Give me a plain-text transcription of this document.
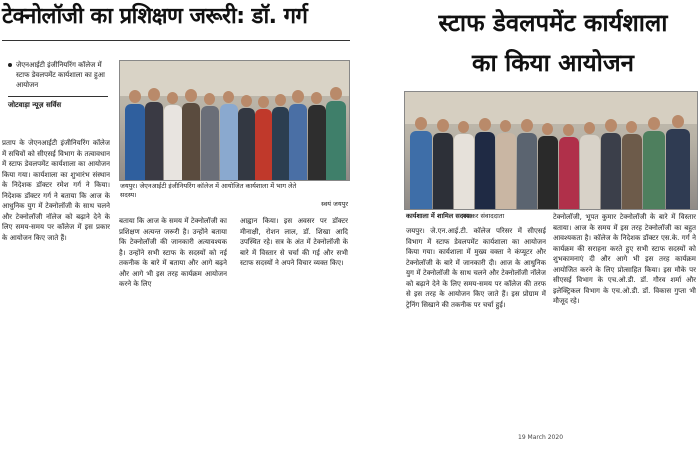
टेक्नोलॉजी का प्रशिक्षण जरूरी: डॉ. गर्ग
जेएनआईटी इंजीनियरिंग कॉलेज में स्टाफ डेवलपमेंट कार्यशाला का हुआ आयोजन
जोटवाड़ा न्यूज़ सर्विस
जयपुर। जेएनआईटी इंजीनियरिंग कॉलेज में आयोजित कार्यशाला में भाग लेते सदस्य।
स्वयं जयपुर
प्रताप के जेएनआईटी इंजीनियरिंग कॉलेज में सचिवों को सीएसई विभाग के तत्वावधान में स्टाफ डेवलपमेंट कार्यशाला का आयोजन किया गया। कार्यशाला का शुभारंभ संस्थान के निदेशक डॉक्टर रमेश गर्ग ने किया। निदेशक डॉक्टर गर्ग ने बताया कि आज के आधुनिक युग में टेक्नोलॉजी के साथ चलने और टेक्नोलॉजी नॉलेज को बढ़ाने देने के लिए समय-समय पर कॉलेज में इस प्रकार के आयोजन किए जाते हैं।
बताया कि आज के समय में टेक्नोलॉजी का प्रशिक्षण अत्यन्त जरूरी है। उन्होंने बताया कि टेक्नोलॉजी की जानकारी अत्यावश्यक है। उन्होंने सभी स्टाफ के सदस्यों को नई तकनीक के बारे में बताया और आगे बढ़ने और आगे भी इस तरह कार्यक्रम आयोजन करने के लिए
आह्वान किया। इस अवसर पर डॉक्टर मीनाक्षी, रोशन लाल, डॉ. शिखा आदि उपस्थित रहे। सत्र के अंत में टेक्नोलॉजी के बारे में विस्तार से चर्चा की गई और सभी स्टाफ सदस्यों ने अपने विचार व्यक्त किए।
स्टाफ डेवलपमेंट कार्यशाला
का किया आयोजन
कार्यशाला में शामिल सदस्य।
भास्कर संवाददाता
जयपुर। जे.एन.आई.टी. कॉलेज परिसर में सीएसई विभाग में स्टाफ डेवलपमेंट कार्यशाला का आयोजन किया गया। कार्यशाला में मुख्य वक्ता ने कंप्यूटर और टेक्नोलॉजी के बारे में जानकारी दी। आज के आधुनिक युग में टेक्नोलॉजी के साथ चलने और टेक्नोलॉजी नॉलेज को बढ़ाने देने के लिए समय-समय पर कॉलेज की तरफ से इस तरह के आयोजन किए जाते हैं। इस प्रोग्राम में ट्रेनिंग सिखाने की तकनीक पर चर्चा हुई।
टेक्नोलॉजी, भूपत कुमार टेक्नोलॉजी के बारे में विस्तार बताया। आज के समय में इस तरह टेक्नोलॉजी का बहुत आवश्यकता है। कॉलेज के निदेशक डॉक्टर एस.के. गर्ग ने कार्यक्रम की सराहना करते हुए सभी स्टाफ सदस्यों को शुभकामनाएं दी और आगे भी इस तरह कार्यक्रम आयोजित करने के लिए प्रोत्साहित किया। इस मौके पर सीएसई विभाग के एच.ओ.डी. डॉ. गौरव शर्मा और इलेक्ट्रिकल विभाग के एच.ओ.डी. डॉ. विकास गुप्ता भी मौजूद रहे।
19 March 2020
